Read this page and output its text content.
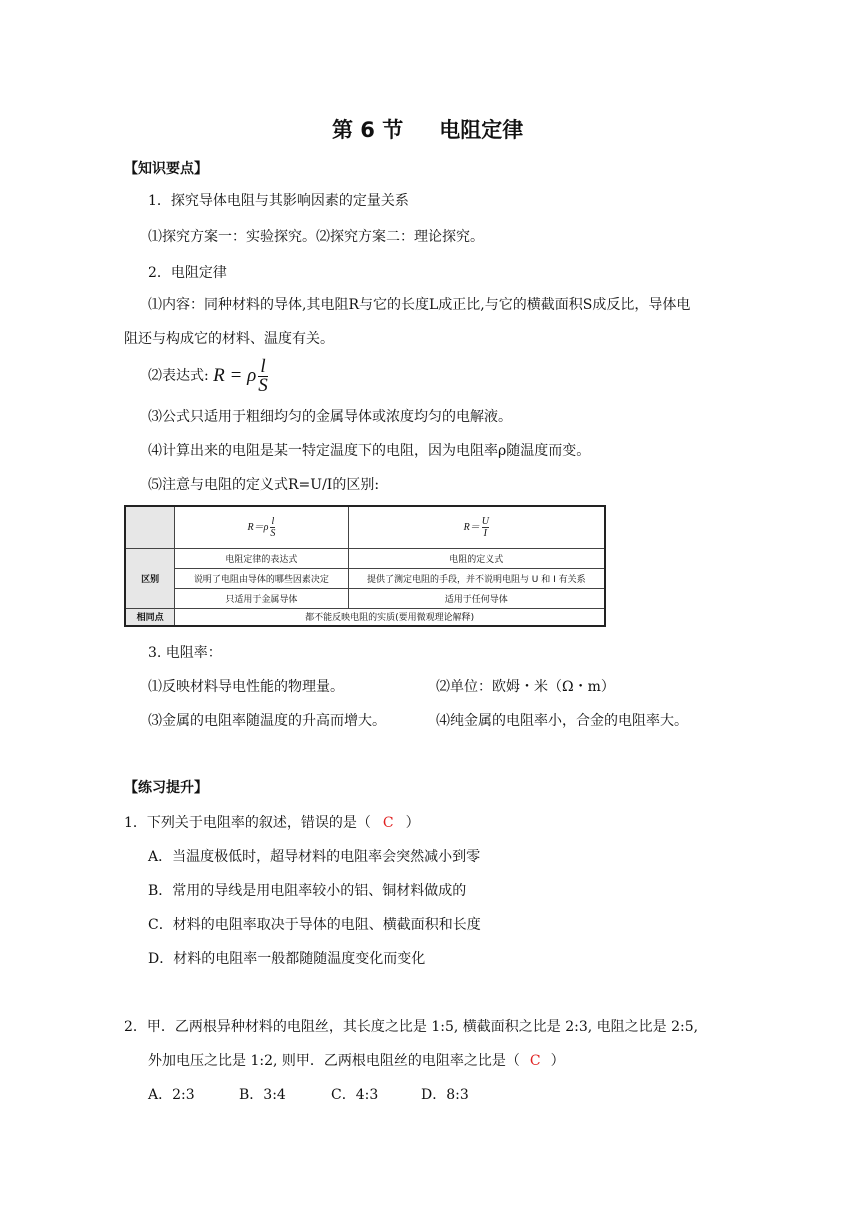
第 6 节 电阻定律
【知识要点】
1．探究导体电阻与其影响因素的定量关系
⑴探究方案一：实验探究。⑵探究方案二：理论探究。
2．电阻定律
⑴内容：同种材料的导体,其电阻R与它的长度L成正比,与它的横截面积S成反比，导体电
阻还与构成它的材料、温度有关。
⑵表达式: R = ρ $\frac{l}{S}$
⑶公式只适用于粗细均匀的金属导体或浓度均匀的电解液。
⑷计算出来的电阻是某一特定温度下的电阻，因为电阻率ρ随温度而变。
⑸注意与电阻的定义式R=U/I的区别:
	$R=\rho \frac{l}{S}$	$R= \frac{U}{I}$

区别	电阻定律的表达式	电阻的定义式
	说明了电阻由导体的哪些因素决定	提供了测定电阻的手段，并不说明电阻与 U 和 I 有关系
	只适用于金属导体	适用于任何导体
相同点	都不能反映电阻的实质(要用微观理论解释)	
3. 电阻率：
⑴反映材料导电性能的物理量。	⑵单位：欧姆・米（Ω・m）
⑶金属的电阻率随温度的升高而增大。	⑷纯金属的电阻率小，合金的电阻率大。
【练习提升】
1．下列关于电阻率的叙述，错误的是（ C ）
A．当温度极低时，超导材料的电阻率会突然减小到零
B．常用的导线是用电阻率较小的铝、铜材料做成的
C．材料的电阻率取决于导体的电阻、横截面积和长度
D．材料的电阻率一般都随随温度变化而变化
2．甲．乙两根异种材料的电阻丝，其长度之比是 1:5, 横截面积之比是 2:3, 电阻之比是 2:5,
外加电压之比是 1:2, 则甲．乙两根电阻丝的电阻率之比是（ C ）
A．2:3	B．3:4	C．4:3	D．8:3
